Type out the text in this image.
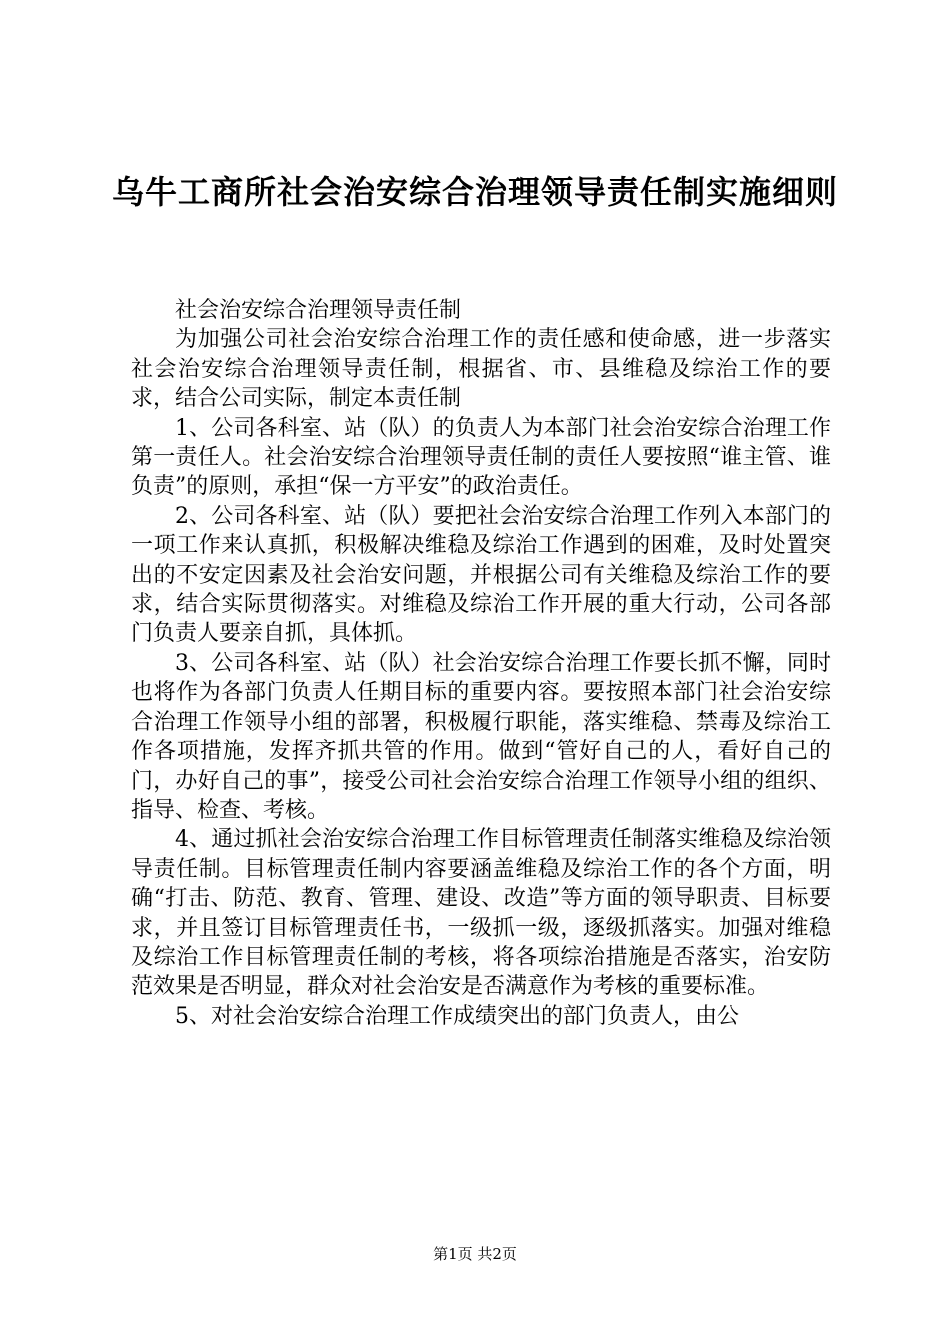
乌牛工商所社会治安综合治理领导责任制实施细则

社会治安综合治理领导责任制

为加强公司社会治安综合治理工作的责任感和使命感，进一步落实社会治安综合治理领导责任制，根据省、市、县维稳及综治工作的要求，结合公司实际，制定本责任制

1、公司各科室、站（队）的负责人为本部门社会治安综合治理工作第一责任人。社会治安综合治理领导责任制的责任人要按照“谁主管、谁负责”的原则，承担“保一方平安”的政治责任。

2、公司各科室、站（队）要把社会治安综合治理工作列入本部门的一项工作来认真抓，积极解决维稳及综治工作遇到的困难，及时处置突出的不安定因素及社会治安问题，并根据公司有关维稳及综治工作的要求，结合实际贯彻落实。对维稳及综治工作开展的重大行动，公司各部门负责人要亲自抓，具体抓。

3、公司各科室、站（队）社会治安综合治理工作要长抓不懈，同时也将作为各部门负责人任期目标的重要内容。要按照本部门社会治安综合治理工作领导小组的部署，积极履行职能，落实维稳、禁毒及综治工作各项措施，发挥齐抓共管的作用。做到“管好自己的人，看好自己的门，办好自己的事”，接受公司社会治安综合治理工作领导小组的组织、指导、检查、考核。

4、通过抓社会治安综合治理工作目标管理责任制落实维稳及综治领导责任制。目标管理责任制内容要涵盖维稳及综治工作的各个方面，明确“打击、防范、教育、管理、建设、改造”等方面的领导职责、目标要求，并且签订目标管理责任书，一级抓一级，逐级抓落实。加强对维稳及综治工作目标管理责任制的考核，将各项综治措施是否落实，治安防范效果是否明显，群众对社会治安是否满意作为考核的重要标准。

5、对社会治安综合治理工作成绩突出的部门负责人，由公

第1页 共2页
